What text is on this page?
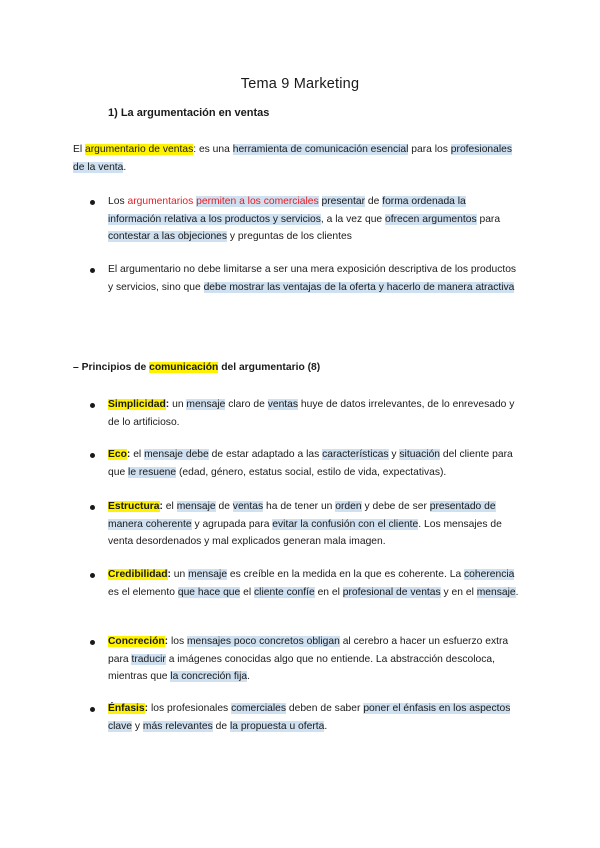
Tema 9 Marketing
1) La argumentación en ventas
El argumentario de ventas: es una herramienta de comunicación esencial para los profesionales de la venta.
Los argumentarios permiten a los comerciales presentar de forma ordenada la información relativa a los productos y servicios, a la vez que ofrecen argumentos para contestar a las objeciones y preguntas de los clientes
El argumentario no debe limitarse a ser una mera exposición descriptiva de los productos y servicios, sino que debe mostrar las ventajas de la oferta y hacerlo de manera atractiva
– Principios de comunicación del argumentario (8)
Simplicidad: un mensaje claro de ventas huye de datos irrelevantes, de lo enrevesado y de lo artificioso.
Eco: el mensaje debe de estar adaptado a las características y situación del cliente para que le resuene (edad, género, estatus social, estilo de vida, expectativas).
Estructura: el mensaje de ventas ha de tener un orden y debe de ser presentado de manera coherente y agrupada para evitar la confusión con el cliente. Los mensajes de venta desordenados y mal explicados generan mala imagen.
Credibilidad: un mensaje es creíble en la medida en la que es coherente. La coherencia es el elemento que hace que el cliente confíe en el profesional de ventas y en el mensaje.
Concreción: los mensajes poco concretos obligan al cerebro a hacer un esfuerzo extra para traducir a imágenes conocidas algo que no entiende. La abstracción descoloca, mientras que la concreción fija.
Énfasis: los profesionales comerciales deben de saber poner el énfasis en los aspectos clave y más relevantes de la propuesta u oferta.
